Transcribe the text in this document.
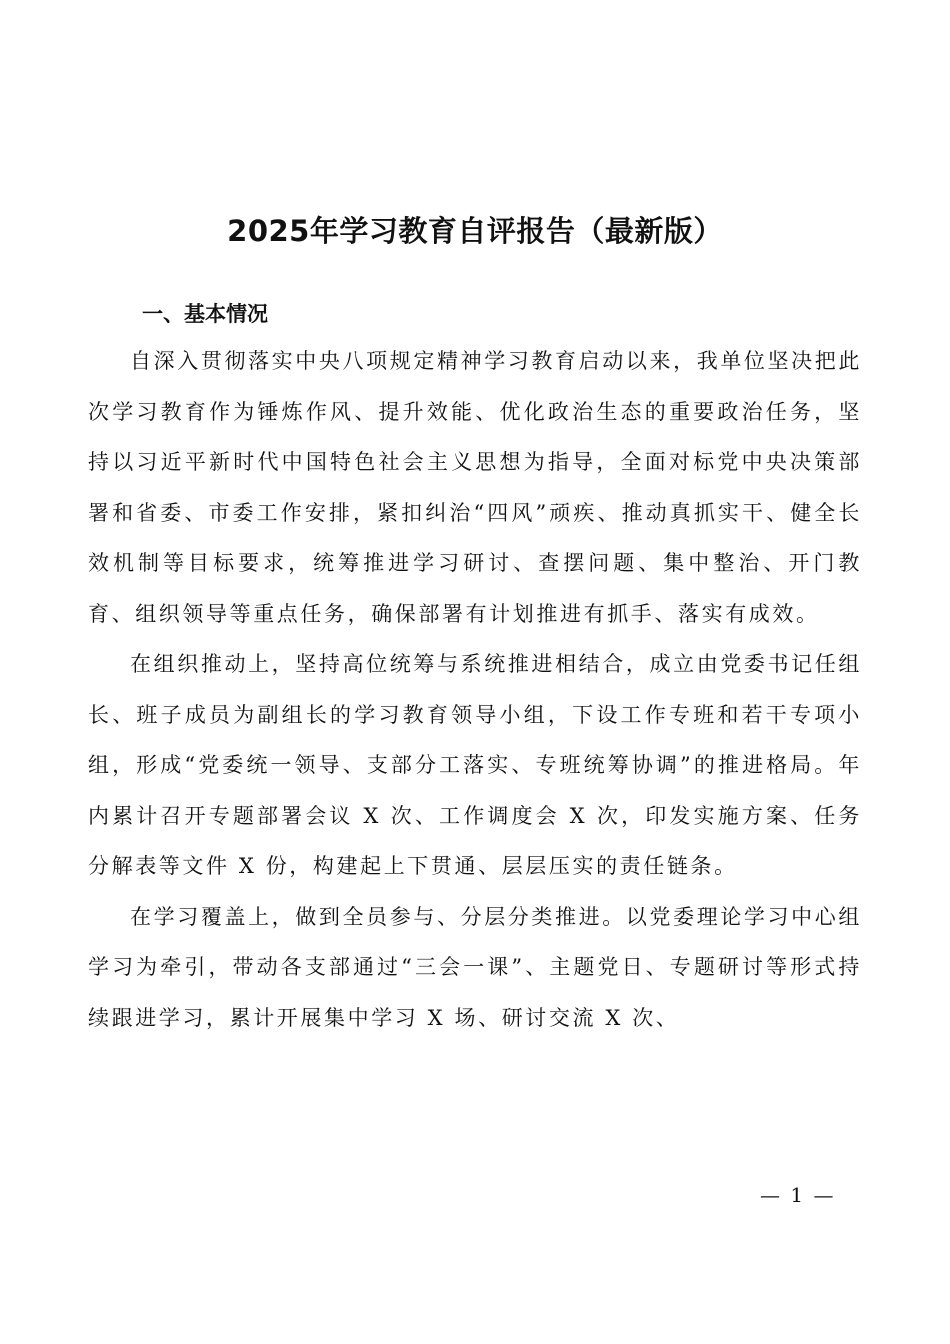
2025年学习教育自评报告（最新版）

一、基本情况

自深入贯彻落实中央八项规定精神学习教育启动以来，我单位坚决把此次学习教育作为锤炼作风、提升效能、优化政治生态的重要政治任务，坚持以习近平新时代中国特色社会主义思想为指导，全面对标党中央决策部署和省委、市委工作安排，紧扣纠治“四风”顽疾、推动真抓实干、健全长效机制等目标要求，统筹推进学习研讨、查摆问题、集中整治、开门教育、组织领导等重点任务，确保部署有计划推进有抓手、落实有成效。

在组织推动上，坚持高位统筹与系统推进相结合，成立由党委书记任组长、班子成员为副组长的学习教育领导小组，下设工作专班和若干专项小组，形成“党委统一领导、支部分工落实、专班统筹协调”的推进格局。年内累计召开专题部署会议 X 次、工作调度会 X 次，印发实施方案、任务分解表等文件 X 份，构建起上下贯通、层层压实的责任链条。

在学习覆盖上，做到全员参与、分层分类推进。以党委理论学习中心组学习为牵引，带动各支部通过“三会一课”、主题党日、专题研讨等形式持续跟进学习，累计开展集中学习 X 场、研讨交流 X 次、

— 1 —
